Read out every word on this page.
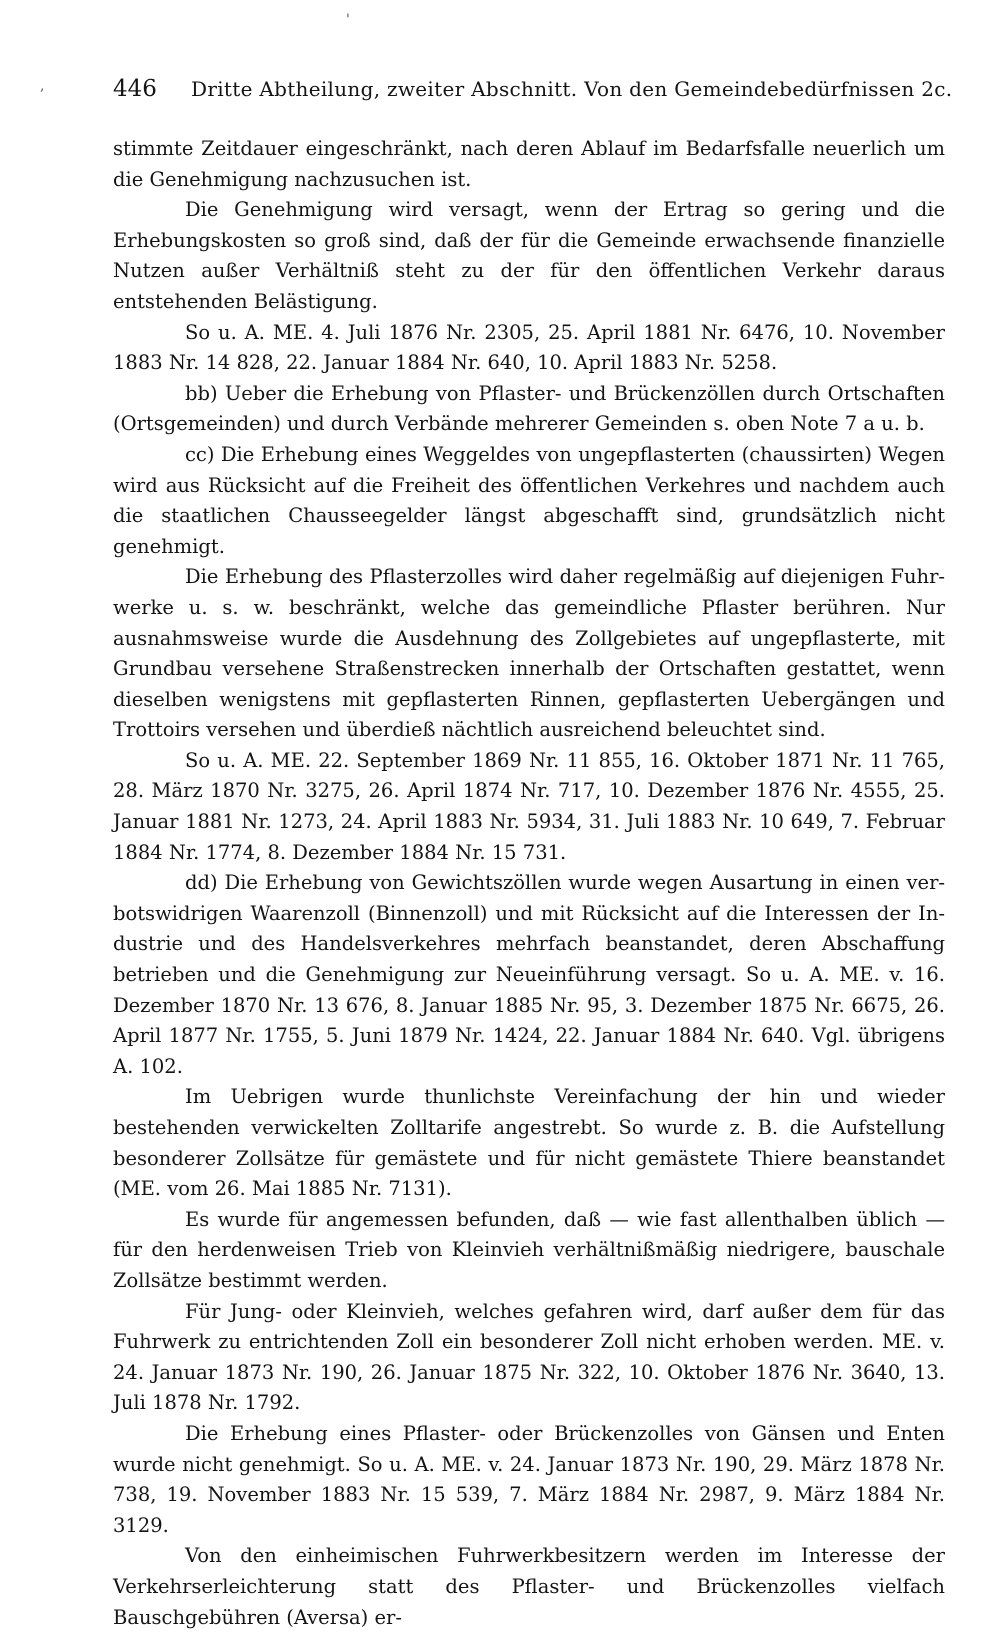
'
,	446 Dritte Abtheilung, zweiter Abschnitt. Von den Gemeindebedürfnissen 2c.

stimmte Zeitdauer eingeschränkt, nach deren Ablauf im Bedarfsfalle neuerlich um die Genehmigung nachzusuchen ist.

Die Genehmigung wird versagt, wenn der Ertrag so gering und die Erhebungskosten so groß sind, daß der für die Gemeinde erwachsende finanzielle Nutzen außer Verhältniß steht zu der für den öffentlichen Verkehr daraus entstehenden Belästigung.

So u. A. ME. 4. Juli 1876 Nr. 2305, 25. April 1881 Nr. 6476, 10. November 1883 Nr. 14 828, 22. Januar 1884 Nr. 640, 10. April 1883 Nr. 5258.

bb) Ueber die Erhebung von Pflaster- und Brückenzöllen durch Ortschaften (Ortsgemeinden) und durch Verbände mehrerer Gemeinden s. oben Note 7 a u. b.

cc) Die Erhebung eines Weggeldes von ungepflasterten (chaussirten) Wegen wird aus Rücksicht auf die Freiheit des öffentlichen Verkehres und nachdem auch die staatlichen Chausseegelder längst abgeschafft sind, grundsätzlich nicht genehmigt.

Die Erhebung des Pflasterzolles wird daher regelmäßig auf diejenigen Fuhrwerke u. s. w. beschränkt, welche das gemeindliche Pflaster berühren. Nur ausnahmsweise wurde die Ausdehnung des Zollgebietes auf ungepflasterte, mit Grundbau versehene Straßenstrecken innerhalb der Ortschaften gestattet, wenn dieselben wenigstens mit gepflasterten Rinnen, gepflasterten Uebergängen und Trottoirs versehen und überdieß nächtlich ausreichend beleuchtet sind.

So u. A. ME. 22. September 1869 Nr. 11 855, 16. Oktober 1871 Nr. 11 765, 28. März 1870 Nr. 3275, 26. April 1874 Nr. 717, 10. Dezember 1876 Nr. 4555, 25. Januar 1881 Nr. 1273, 24. April 1883 Nr. 5934, 31. Juli 1883 Nr. 10 649, 7. Februar 1884 Nr. 1774, 8. Dezember 1884 Nr. 15 731.

dd) Die Erhebung von Gewichtszöllen wurde wegen Ausartung in einen verbotswidrigen Waarenzoll (Binnenzoll) und mit Rücksicht auf die Interessen der Industrie und des Handelsverkehres mehrfach beanstandet, deren Abschaffung betrieben und die Genehmigung zur Neueinführung versagt. So u. A. ME. v. 16. Dezember 1870 Nr. 13 676, 8. Januar 1885 Nr. 95, 3. Dezember 1875 Nr. 6675, 26. April 1877 Nr. 1755, 5. Juni 1879 Nr. 1424, 22. Januar 1884 Nr. 640. Vgl. übrigens A. 102.

Im Uebrigen wurde thunlichste Vereinfachung der hin und wieder bestehenden verwickelten Zolltarife angestrebt. So wurde z. B. die Aufstellung besonderer Zollsätze für gemästete und für nicht gemästete Thiere beanstandet (ME. vom 26. Mai 1885 Nr. 7131).

Es wurde für angemessen befunden, daß — wie fast allenthalben üblich — für den herdenweisen Trieb von Kleinvieh verhältnißmäßig niedrigere, bauschale Zollsätze bestimmt werden.

Für Jung- oder Kleinvieh, welches gefahren wird, darf außer dem für das Fuhrwerk zu entrichtenden Zoll ein besonderer Zoll nicht erhoben werden. ME. v. 24. Januar 1873 Nr. 190, 26. Januar 1875 Nr. 322, 10. Oktober 1876 Nr. 3640, 13. Juli 1878 Nr. 1792.

Die Erhebung eines Pflaster- oder Brückenzolles von Gänsen und Enten wurde nicht genehmigt. So u. A. ME. v. 24. Januar 1873 Nr. 190, 29. März 1878 Nr. 738, 19. November 1883 Nr. 15 539, 7. März 1884 Nr. 2987, 9. März 1884 Nr. 3129.

Von den einheimischen Fuhrwerkbesitzern werden im Interesse der Verkehrserleichterung statt des Pflaster- und Brückenzolles vielfach Bauschgebühren (Aversa) er-
